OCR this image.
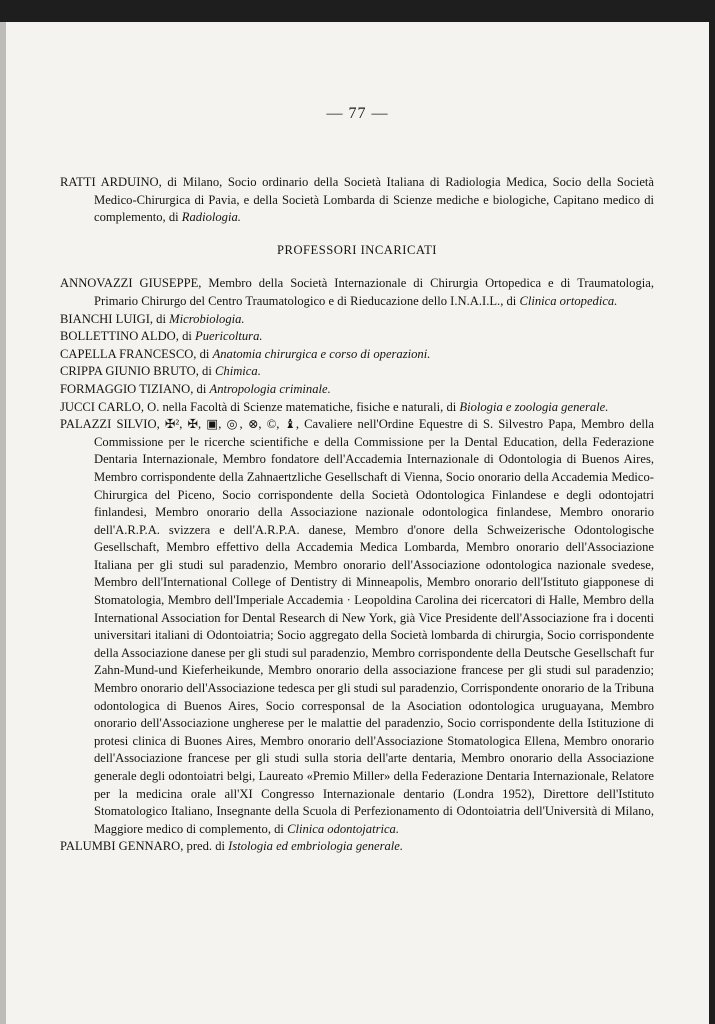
— 77 —

RATTI ARDUINO, di Milano, Socio ordinario della Società Italiana di Radiologia Medica, Socio della Società Medico-Chirurgica di Pavia, e della Società Lombarda di Scienze mediche e biologiche, Capitano medico di complemento, di Radiologia.

PROFESSORI INCARICATI

ANNOVAZZI GIUSEPPE, Membro della Società Internazionale di Chirurgia Ortopedica e di Traumatologia, Primario Chirurgo del Centro Traumatologico e di Rieducazione dello I.N.A.I.L., di Clinica ortopedica.

BIANCHI LUIGI, di Microbiologia.

BOLLETTINO ALDO, di Puericoltura.

CAPELLA FRANCESCO, di Anatomia chirurgica e corso di operazioni.

CRIPPA GIUNIO BRUTO, di Chimica.

FORMAGGIO TIZIANO, di Antropologia criminale.

JUCCI CARLO, O. nella Facoltà di Scienze matematiche, fisiche e naturali, di Biologia e zoologia generale.

PALAZZI SILVIO, ✠², ✠, ▣, ◎, ⊗, ©, ♝, Cavaliere nell'Ordine Equestre di S. Silvestro Papa, Membro della Commissione per le ricerche scientifiche e della Commissione per la Dental Education, della Federazione Dentaria Internazionale, Membro fondatore dell'Accademia Internazionale di Odontologia di Buenos Aires, Membro corrispondente della Zahnaertzliche Gesellschaft di Vienna, Socio onorario della Accademia Medico-Chirurgica del Piceno, Socio corrispondente della Società Odontologica Finlandese e degli odontojatri finlandesi, Membro onorario della Associazione nazionale odontologica finlandese, Membro onorario dell'A.R.P.A. svizzera e dell'A.R.P.A. danese, Membro d'onore della Schweizerische Odontologische Gesellschaft, Membro effettivo della Accademia Medica Lombarda, Membro onorario dell'Associazione Italiana per gli studi sul paradenzio, Membro onorario dell'Associazione odontologica nazionale svedese, Membro dell'International College of Dentistry di Minneapolis, Membro onorario dell'Istituto giapponese di Stomatologia, Membro dell'Imperiale Accademia · Leopoldina Carolina dei ricercatori di Halle, Membro della International Association for Dental Research di New York, già Vice Presidente dell'Associazione fra i docenti universitari italiani di Odontoiatria; Socio aggregato della Società lombarda di chirurgia, Socio corrispondente della Associazione danese per gli studi sul paradenzio, Membro corrispondente della Deutsche Gesellschaft fur Zahn-Mund-und Kieferheikunde, Membro onorario della associazione francese per gli studi sul paradenzio; Membro onorario dell'Associazione tedesca per gli studi sul paradenzio, Corrispondente onorario de la Tribuna odontologica di Buenos Aires, Socio corresponsal de la Asociation odontologica uruguayana, Membro onorario dell'Associazione ungherese per le malattie del paradenzio, Socio corrispondente della Istituzione di protesi clinica di Buones Aires, Membro onorario dell'Associazione Stomatologica Ellena, Membro onorario dell'Associazione francese per gli studi sulla storia dell'arte dentaria, Membro onorario della Associazione generale degli odontoiatri belgi, Laureato «Premio Miller» della Federazione Dentaria Internazionale, Relatore per la medicina orale all'XI Congresso Internazionale dentario (Londra 1952), Direttore dell'Istituto Stomatologico Italiano, Insegnante della Scuola di Perfezionamento di Odontoiatria dell'Università di Milano, Maggiore medico di complemento, di Clinica odontojatrica.

PALUMBI GENNARO, pred. di Istologia ed embriologia generale.
